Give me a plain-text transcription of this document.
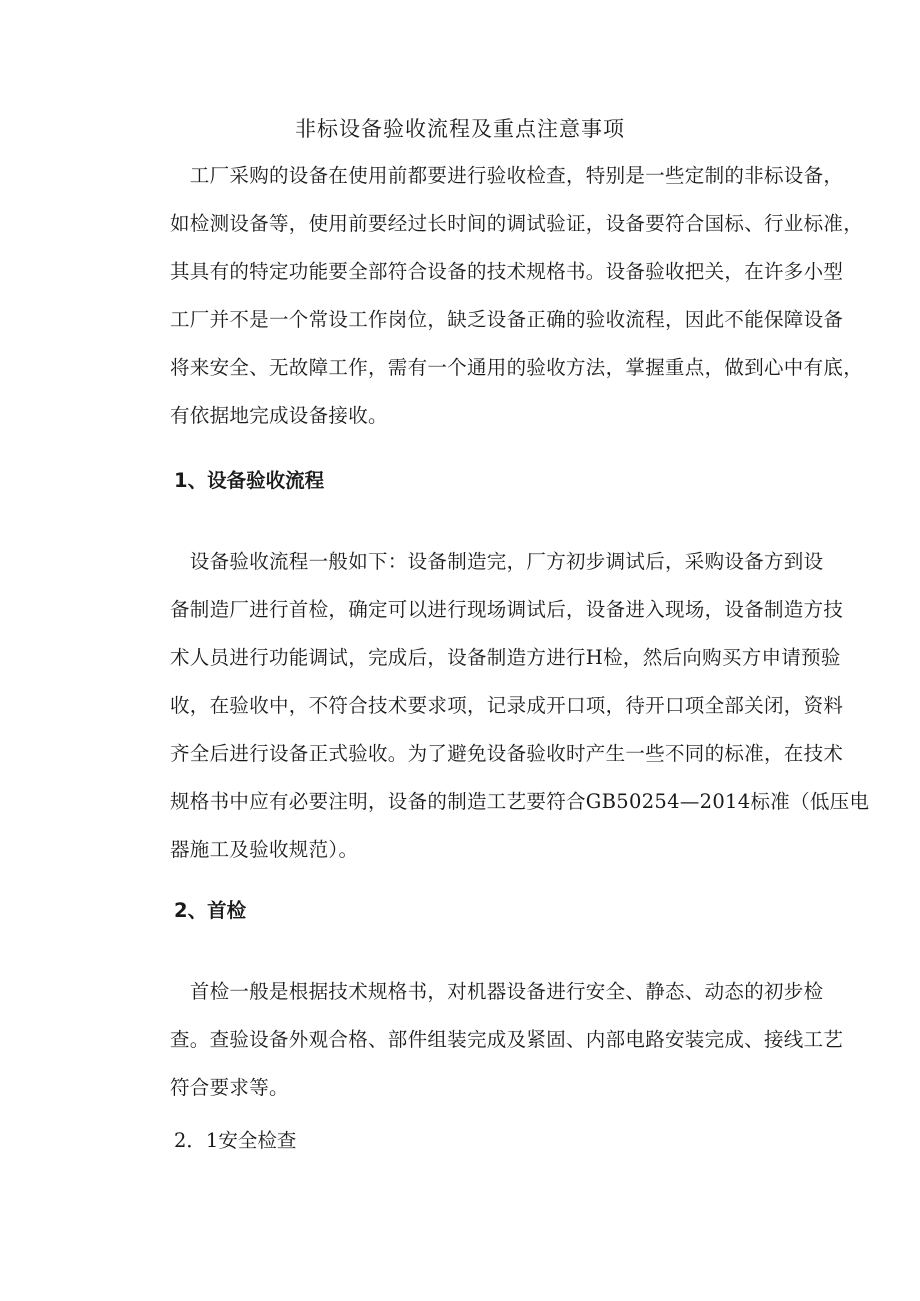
非标设备验收流程及重点注意事项
　工厂采购的设备在使用前都要进行验收检查，特别是一些定制的非标设备，
如检测设备等，使用前要经过长时间的调试验证，设备要符合国标、行业标准，
其具有的特定功能要全部符合设备的技术规格书。设备验收把关，在许多小型
工厂并不是一个常设工作岗位，缺乏设备正确的验收流程，因此不能保障设备
将来安全、无故障工作，需有一个通用的验收方法，掌握重点，做到心中有底，
有依据地完成设备接收。
1、设备验收流程
　设备验收流程一般如下：设备制造完，厂方初步调试后，采购设备方到设
备制造厂进行首检，确定可以进行现场调试后，设备进入现场，设备制造方技
术人员进行功能调试，完成后，设备制造方进行H检，然后向购买方申请预验
收，在验收中，不符合技术要求项，记录成开口项，待开口项全部关闭，资料
齐全后进行设备正式验收。为了避免设备验收时产生一些不同的标准，在技术
规格书中应有必要注明，设备的制造工艺要符合GB50254—2014标准（低压电
器施工及验收规范）。
2、首检
　首检一般是根据技术规格书，对机器设备进行安全、静态、动态的初步检
查。查验设备外观合格、部件组装完成及紧固、内部电路安装完成、接线工艺
符合要求等。
2．1安全检查
